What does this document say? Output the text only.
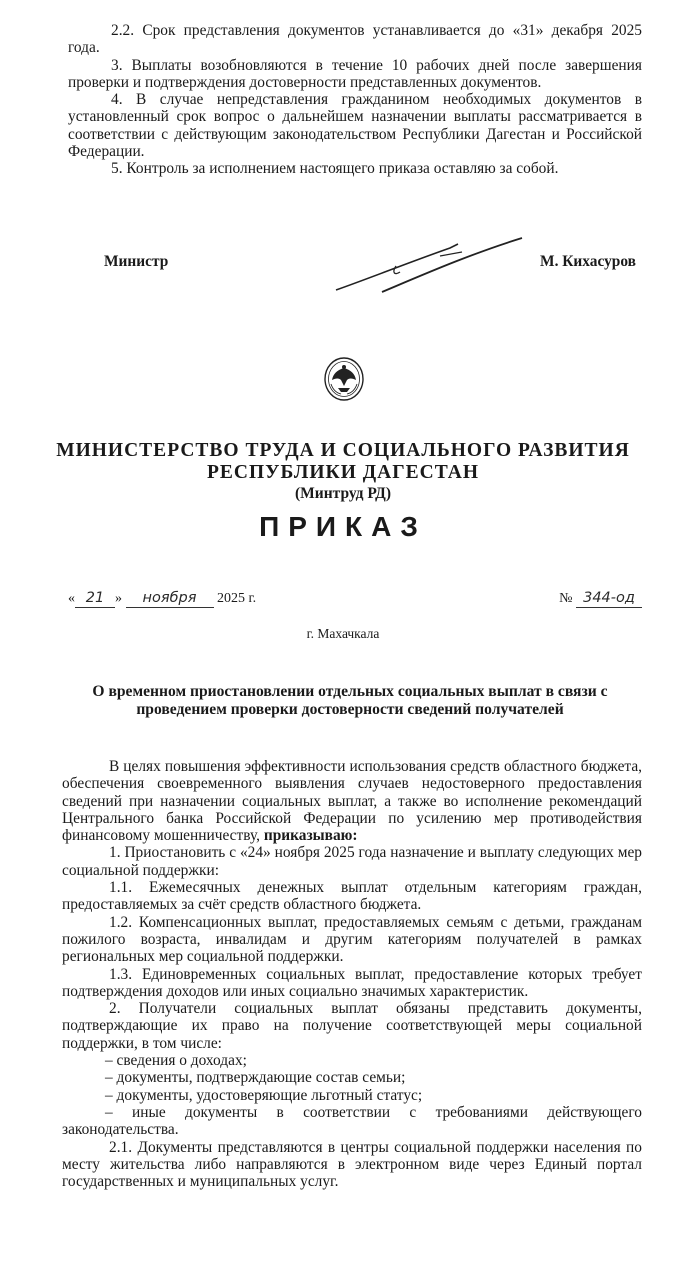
2.2. Срок представления документов устанавливается до «31» декабря 2025 года.

3. Выплаты возобновляются в течение 10 рабочих дней после завершения проверки и подтверждения достоверности представленных документов.

4. В случае непредставления гражданином необходимых документов в установленный срок вопрос о дальнейшем назначении выплаты рассматривается в соответствии с действующим законодательством Республики Дагестан и Российской Федерации.

5. Контроль за исполнением настоящего приказа оставляю за собой.

Министр	М. Кихасуров
МИНИСТЕРСТВО ТРУДА И СОЦИАЛЬНОГО РАЗВИТИЯ
РЕСПУБЛИКИ ДАГЕСТАН
(Минтруд РД)
ПРИКАЗ
« 21 » ноября 2025 г.	№ 344-од
г. Махачкала
О временном приостановлении отдельных социальных выплат в связи с проведением проверки достоверности сведений получателей

В целях повышения эффективности использования средств областного бюджета, обеспечения своевременного выявления случаев недостоверного предоставления сведений при назначении социальных выплат, а также во исполнение рекомендаций Центрального банка Российской Федерации по усилению мер противодействия финансовому мошенничеству, приказываю:

1. Приостановить с «24» ноября 2025 года назначение и выплату следующих мер социальной поддержки:

1.1. Ежемесячных денежных выплат отдельным категориям граждан, предоставляемых за счёт средств областного бюджета.

1.2. Компенсационных выплат, предоставляемых семьям с детьми, гражданам пожилого возраста, инвалидам и другим категориям получателей в рамках региональных мер социальной поддержки.

1.3. Единовременных социальных выплат, предоставление которых требует подтверждения доходов или иных социально значимых характеристик.

2. Получатели социальных выплат обязаны представить документы, подтверждающие их право на получение соответствующей меры социальной поддержки, в том числе:

– сведения о доходах;

– документы, подтверждающие состав семьи;

– документы, удостоверяющие льготный статус;

– иные документы в соответствии с требованиями действующего законодательства.

2.1. Документы представляются в центры социальной поддержки населения по месту жительства либо направляются в электронном виде через Единый портал государственных и муниципальных услуг.
